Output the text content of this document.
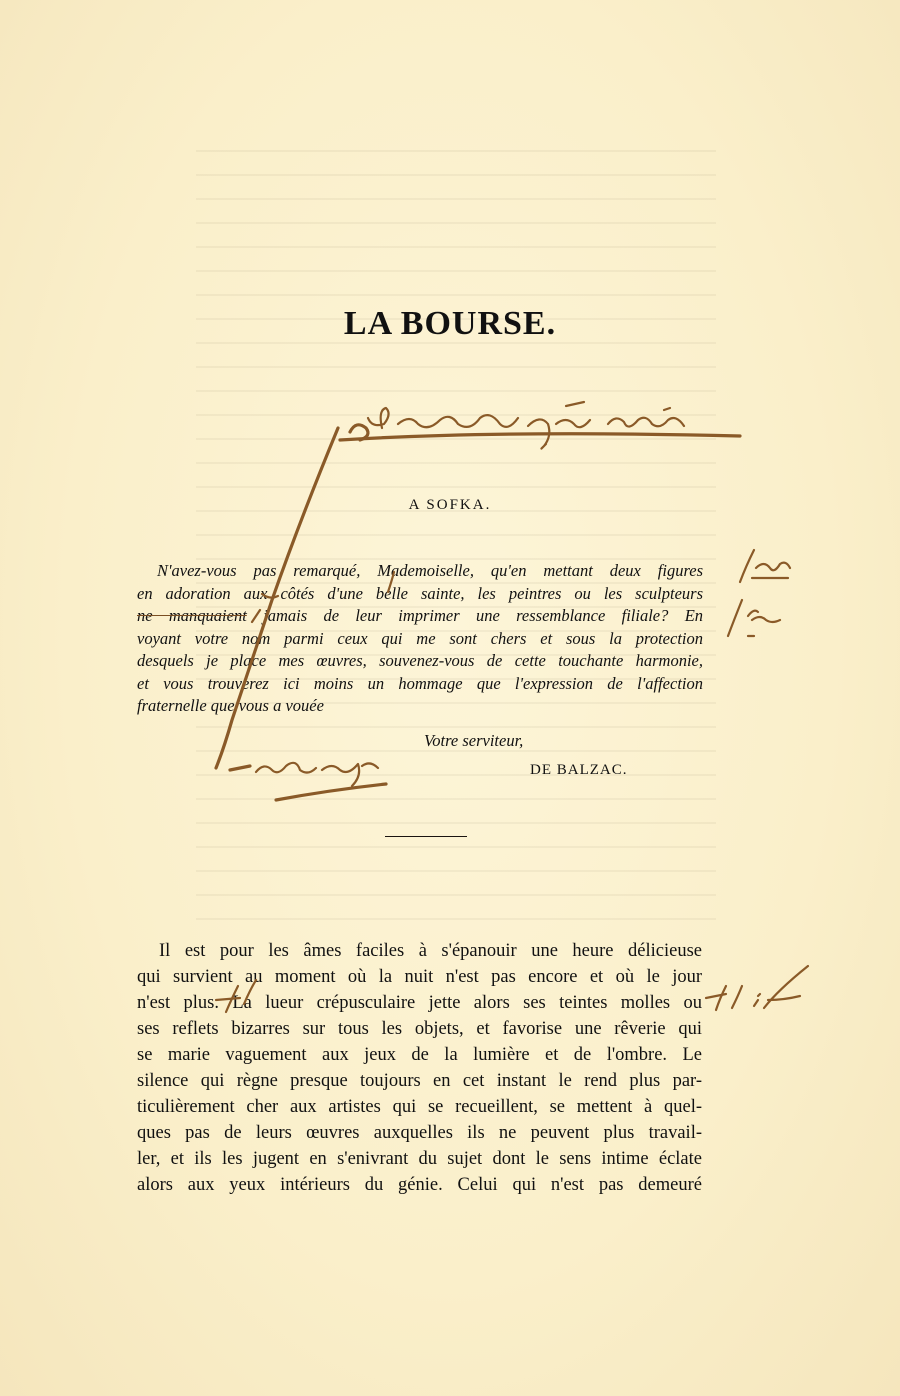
LA BOURSE.
A SOFKA.
N'avez-vous pas remarqué, Mademoiselle, qu'en mettant deux figures
en adoration aux côtés d'une belle sainte, les peintres ou les sculpteurs
ne manquaient jamais de leur imprimer une ressemblance filiale? En
voyant votre nom parmi ceux qui me sont chers et sous la protection
desquels je place mes œuvres, souvenez-vous de cette touchante harmonie,
et vous trouverez ici moins un hommage que l'expression de l'affection
fraternelle que vous a vouée
Votre serviteur,
DE BALZAC.
Il est pour les âmes faciles à s'épanouir une heure délicieuse
qui survient au moment où la nuit n'est pas encore et où le jour
n'est plus. La lueur crépusculaire jette alors ses teintes molles ou
ses reflets bizarres sur tous les objets, et favorise une rêverie qui
se marie vaguement aux jeux de la lumière et de l'ombre. Le
silence qui règne presque toujours en cet instant le rend plus par-
ticulièrement cher aux artistes qui se recueillent, se mettent à quel-
ques pas de leurs œuvres auxquelles ils ne peuvent plus travail-
ler, et ils les jugent en s'enivrant du sujet dont le sens intime éclate
alors aux yeux intérieurs du génie. Celui qui n'est pas demeuré
